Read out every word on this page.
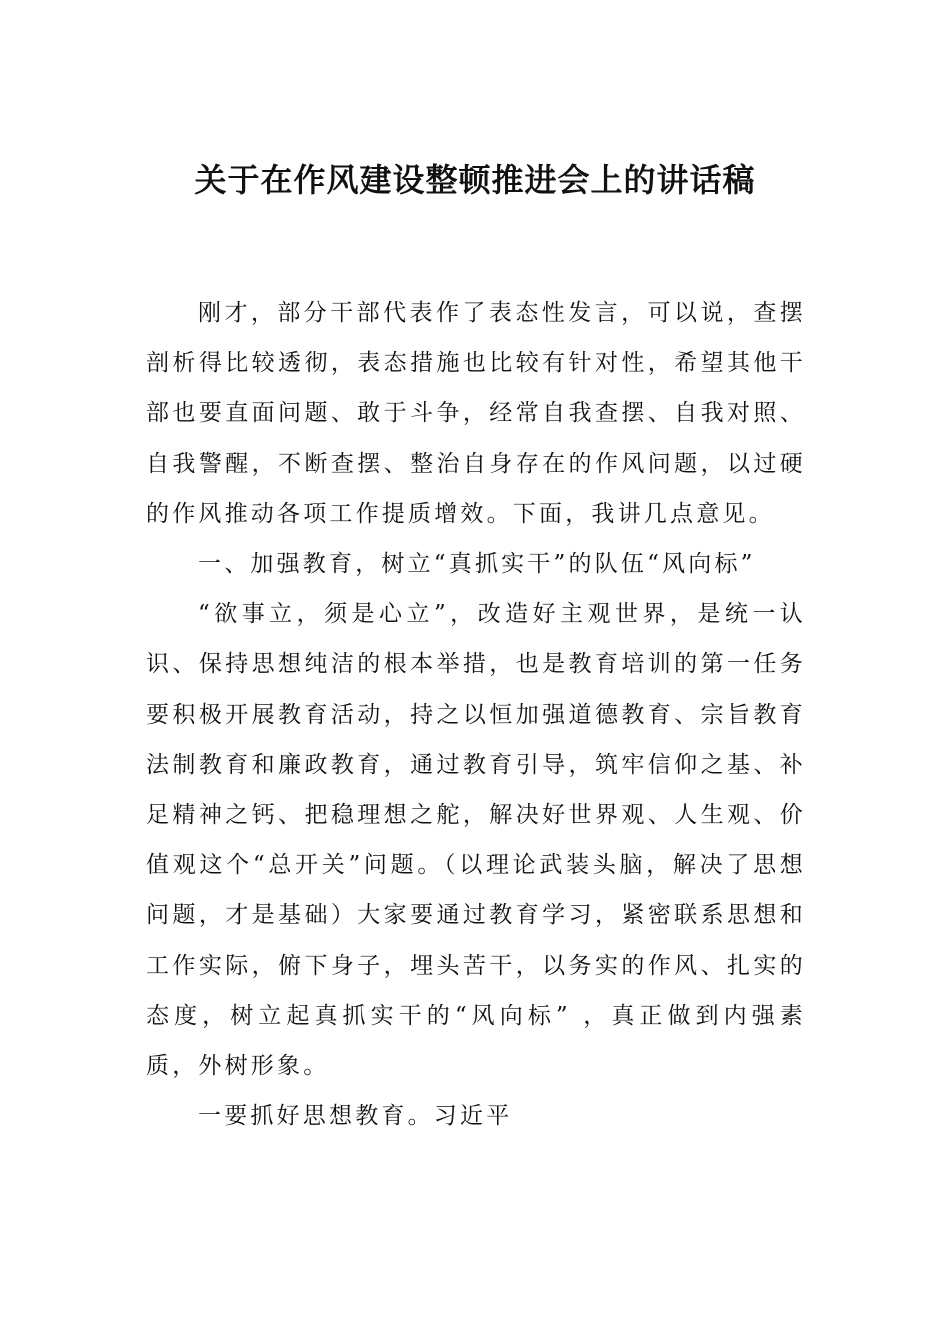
关于在作风建设整顿推进会上的讲话稿

刚才，部分干部代表作了表态性发言，可以说，查摆剖析得比较透彻，表态措施也比较有针对性，希望其他干部也要直面问题、敢于斗争，经常自我查摆、自我对照、自我警醒，不断查摆、整治自身存在的作风问题，以过硬的作风推动各项工作提质增效。下面，我讲几点意见。

一、加强教育，树立“真抓实干”的队伍“风向标”

“欲事立，须是心立”，改造好主观世界，是统一认识、保持思想纯洁的根本举措，也是教育培训的第一任务要积极开展教育活动，持之以恒加强道德教育、宗旨教育法制教育和廉政教育，通过教育引导，筑牢信仰之基、补足精神之钙、把稳理想之舵，解决好世界观、人生观、价值观这个“总开关”问题。（以理论武装头脑，解决了思想问题，才是基础）大家要通过教育学习，紧密联系思想和工作实际，俯下身子，埋头苦干，以务实的作风、扎实的态度，树立起真抓实干的“风向标” ，真正做到内强素质，外树形象。

一要抓好思想教育。习近平
